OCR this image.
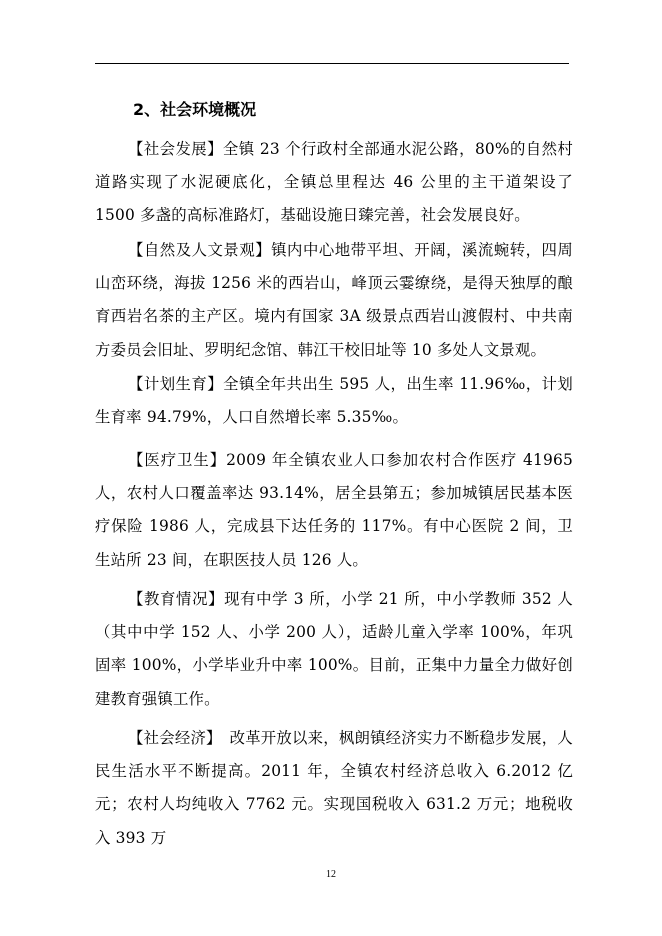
2、社会环境概况
【社会发展】全镇 23 个行政村全部通水泥公路，80%的自然村道路实现了水泥硬底化，全镇总里程达 46 公里的主干道架设了 1500 多盏的高标准路灯，基础设施日臻完善，社会发展良好。
【自然及人文景观】镇内中心地带平坦、开阔，溪流蜿转，四周山峦环绕，海拔 1256 米的西岩山，峰顶云霎缭绕，是得天独厚的酿育西岩名茶的主产区。境内有国家 3A 级景点西岩山渡假村、中共南方委员会旧址、罗明纪念馆、韩江干校旧址等 10 多处人文景观。
【计划生育】全镇全年共出生 595 人，出生率 11.96‰，计划生育率 94.79%，人口自然增长率 5.35‰。
【医疗卫生】2009 年全镇农业人口参加农村合作医疗 41965 人，农村人口覆盖率达 93.14%，居全县第五；参加城镇居民基本医疗保险 1986 人，完成县下达任务的 117%。有中心医院 2 间，卫生站所 23 间，在职医技人员 126 人。
【教育情况】现有中学 3 所，小学 21 所，中小学教师 352 人（其中中学 152 人、小学 200 人），适龄儿童入学率 100%，年巩固率 100%，小学毕业升中率 100%。目前，正集中力量全力做好创建教育强镇工作。
【社会经济】　改革开放以来，枫朗镇经济实力不断稳步发展，人民生活水平不断提高。2011 年，全镇农村经济总收入 6.2012 亿元；农村人均纯收入 7762 元。实现国税收入 631.2 万元；地税收入 393 万
12
